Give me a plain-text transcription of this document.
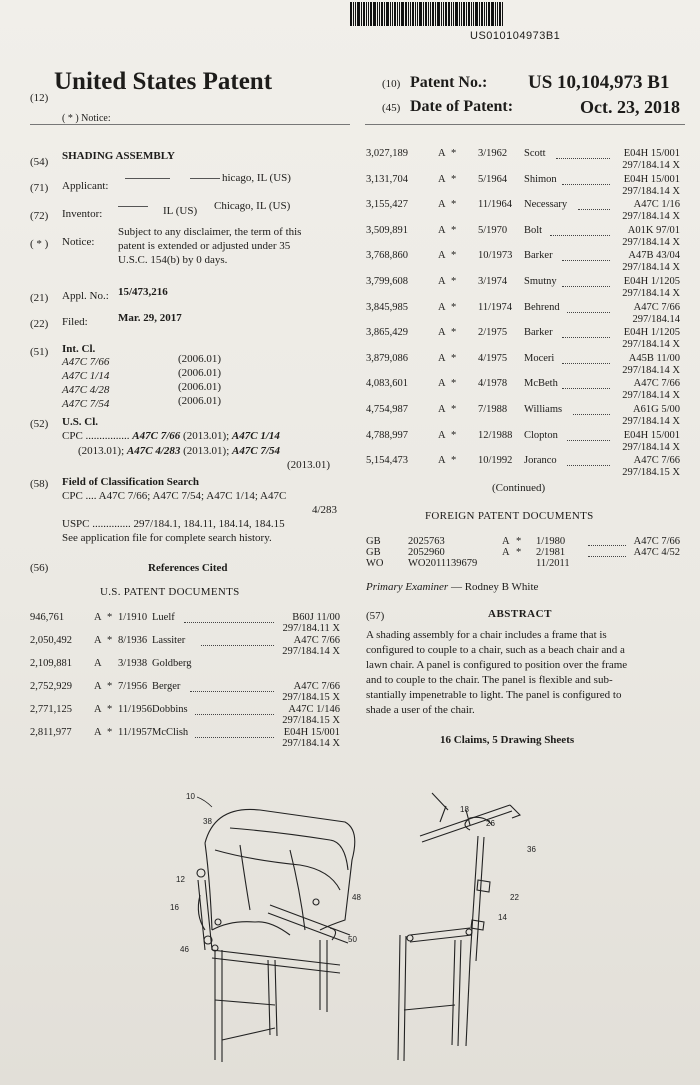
US010104973B1
(12)
United States Patent	(10) Patent No.: US 10,104,973 B1
(45) Date of Patent:	Oct. 23, 2018
( * ) Notice:
(54) SHADING ASSEMBLY
(71) Applicant:
hicago, IL (US)
(72) Inventor:	IL (US) Chicago, IL (US)
( * ) Notice:
Subject to any disclaimer, the term of this
patent is extended or adjusted under 35
U.S.C. 154(b) by 0 days.
(21) Appl. No.: 15/473,216
(22) Filed:	Mar. 29, 2017
(51) Int. Cl.
A47C 7/66	(2006.01)
A47C 1/14	(2006.01)
A47C 4/28	(2006.01)
A47C 7/54	(2006.01)
(52) U.S. Cl.
CPC ................ A47C 7/66 (2013.01); A47C 1/14
(2013.01); A47C 4/283 (2013.01); A47C 7/54
(2013.01)
(58) Field of Classification Search
CPC .... A47C 7/66; A47C 7/54; A47C 1/14; A47C
4/283
USPC .............. 297/184.1, 184.11, 184.14, 184.15
See application file for complete search history.
(56)	References Cited
U.S. PATENT DOCUMENTS
946,761	A * 1/1910 Luelf	B60J 11/00
297/184.11 X
2,050,492 A * 8/1936 Lassiter	A47C 7/66
297/184.14 X
2,109,881 A 3/1938 Goldberg
2,752,929 A * 7/1956 Berger	A47C 7/66
297/184.15 X
2,771,125 A * 11/1956 Dobbins	A47C 1/146
297/184.15 X
2,811,977 A * 11/1957 McClish	E04H 15/001
297/184.14 X
3,027,189	A * 3/1962 Scott	E04H 15/001
297/184.14 X
3,131,704	A * 5/1964 Shimon	E04H 15/001
297/184.14 X
3,155,427	A * 11/1964 Necessary	A47C 1/16
297/184.14 X
3,509,891	A * 5/1970 Bolt	A01K 97/01
297/184.14 X
3,768,860	A * 10/1973 Barker	A47B 43/04
297/184.14 X
3,799,608	A * 3/1974 Smutny	E04H 1/1205
297/184.14 X
3,845,985	A * 11/1974 Behrend	A47C 7/66
297/184.14
3,865,429	A * 2/1975 Barker	E04H 1/1205
297/184.14 X
3,879,086	A * 4/1975 Moceri	A45B 11/00
297/184.14 X
4,083,601	A * 4/1978 McBeth	A47C 7/66
297/184.14 X
4,754,987	A * 7/1988 Williams	A61G 5/00
297/184.14 X
4,788,997	A * 12/1988 Clopton	E04H 15/001
297/184.14 X
5,154,473	A * 10/1992 Joranco	A47C 7/66
297/184.15 X
(Continued)
FOREIGN PATENT DOCUMENTS
GB	2025763	A * 1/1980	A47C 7/66
GB	2052960	A * 2/1981	A47C 4/52
WO WO2011139679	11/2011
Primary Examiner — Rodney B White
(57)	ABSTRACT
A shading assembly for a chair includes a frame that is
configured to couple to a chair, such as a beach chair and a
lawn chair. A panel is configured to position over the frame
and to couple to the chair. The panel is flexible and sub-
stantially impenetrable to light. The panel is configured to
shade a user of the chair.
16 Claims, 5 Drawing Sheets
10
38
12
16
46
48
50
18
26
36
22
14
